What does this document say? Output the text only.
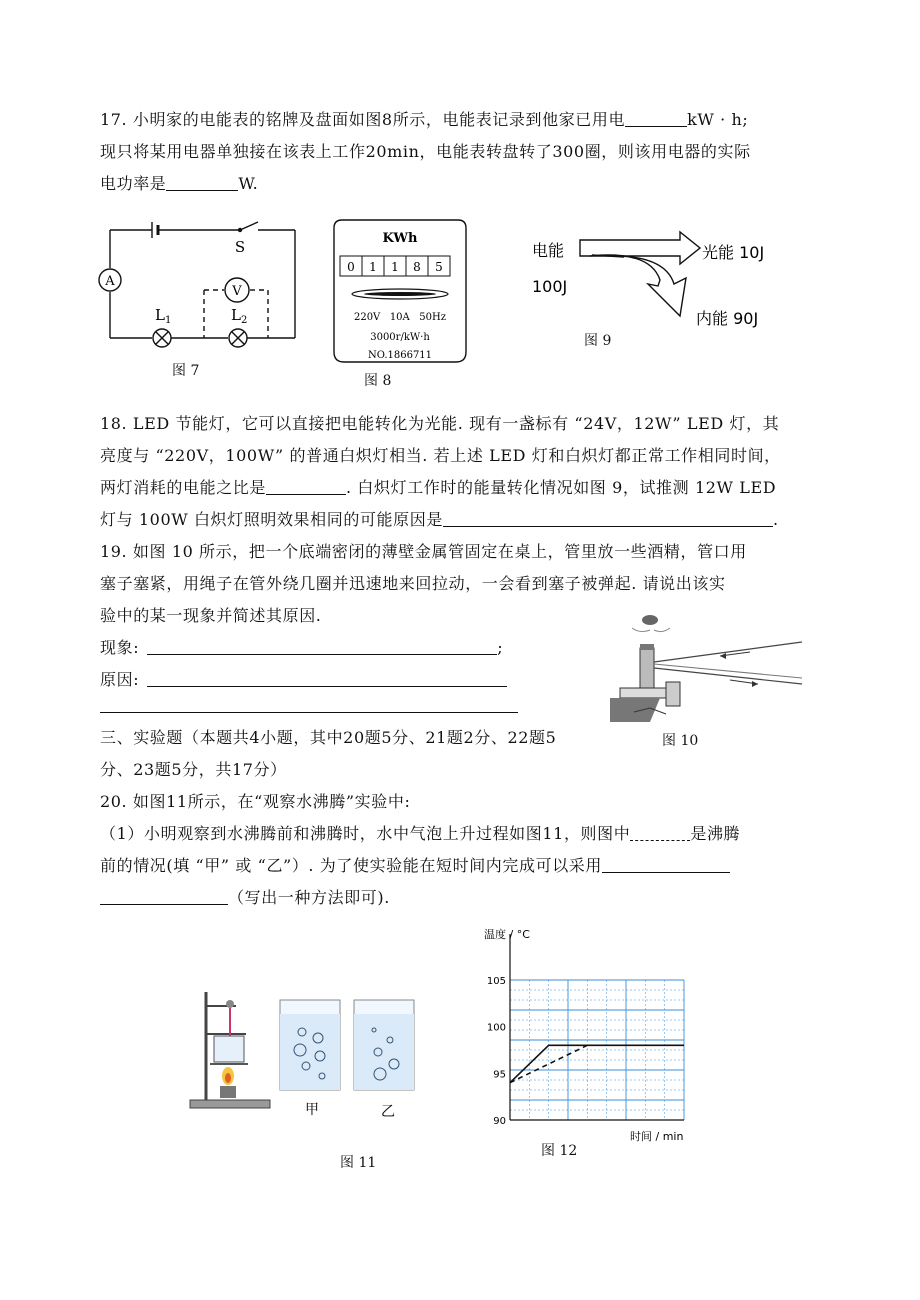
17. 小明家的电能表的铭牌及盘面如图8所示，电能表记录到他家已用电	kW · h;
现只将某用电器单独接在该表上工作20min，电能表转盘转了300圈，则该用电器的实际
电功率是	W.
A
V
S
L 1	L 2
图 7
KWh
0 1 1 8 5
220V   10A   50Hz
3000r/kW·h
NO.1866711
图 8
电能
100J
光能 10J
内能 90J
图 9
18. LED 节能灯，它可以直接把电能转化为光能. 现有一盏标有 “24V，12W” LED 灯，其
亮度与 “220V，100W” 的普通白炽灯相当. 若上述 LED 灯和白炽灯都正常工作相同时间，
两灯消耗的电能之比是	. 白炽灯工作时的能量转化情况如图 9，试推测 12W LED
灯与 100W 白炽灯照明效果相同的可能原因是	.
19. 如图 10 所示，把一个底端密闭的薄壁金属管固定在桌上，管里放一些酒精，管口用
塞子塞紧，用绳子在管外绕几圈并迅速地来回拉动，一会看到塞子被弹起. 请说出该实
验中的某一现象并简述其原因.
现象:	;
原因:
图 10
三、实验题（本题共4小题，其中20题5分、21题2分、22题5
分、23题5分，共17分）
20. 如图11所示，在“观察水沸腾”实验中:
（1）小明观察到水沸腾前和沸腾时，水中气泡上升过程如图11，则图中	是沸腾
前的情况(填 “甲” 或 “乙”）. 为了使实验能在短时间内完成可以采用
（写出一种方法即可).
甲	乙
图 11
90
95
100
105
温度 / °C
时间 / min
图 12
